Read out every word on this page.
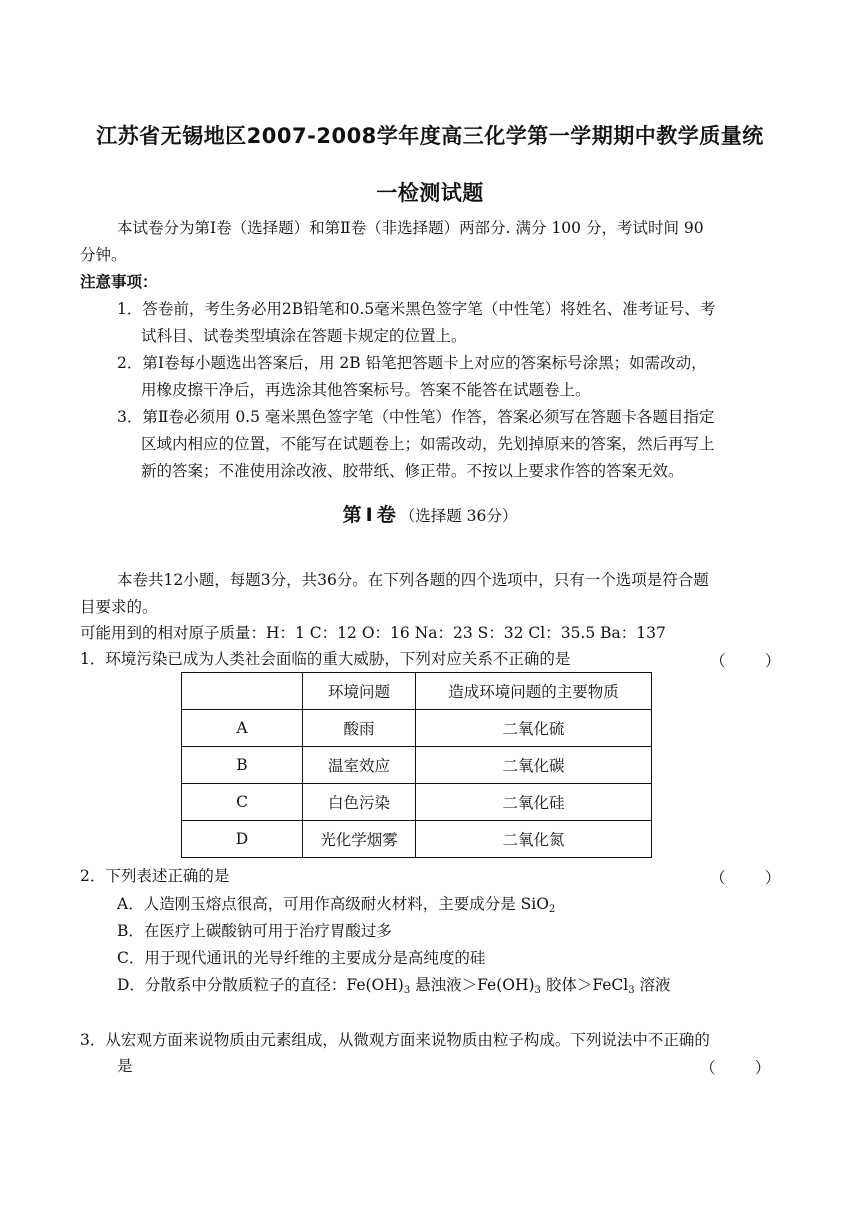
江苏省无锡地区2007-2008学年度高三化学第一学期期中教学质量统
一检测试题
本试卷分为第Ⅰ卷（选择题）和第Ⅱ卷（非选择题）两部分. 满分 100 分，考试时间 90
分钟。
注意事项：
1．答卷前，考生务必用2B铅笔和0.5毫米黑色签字笔（中性笔）将姓名、准考证号、考
试科目、试卷类型填涂在答题卡规定的位置上。
2．第Ⅰ卷每小题选出答案后，用 2B 铅笔把答题卡上对应的答案标号涂黑；如需改动，
用橡皮擦干净后，再选涂其他答案标号。答案不能答在试题卷上。
3．第Ⅱ卷必须用 0.5 毫米黑色签字笔（中性笔）作答，答案必须写在答题卡各题目指定
区域内相应的位置，不能写在试题卷上；如需改动，先划掉原来的答案，然后再写上
新的答案；不准使用涂改液、胶带纸、修正带。不按以上要求作答的答案无效。
第Ⅰ卷（选择题 36分）
本卷共12小题，每题3分，共36分。在下列各题的四个选项中，只有一个选项是符合题
目要求的。
可能用到的相对原子质量：H：1 C：12 O：16 Na：23 S：32 Cl：35.5 Ba：137
1．环境污染已成为人类社会面临的重大威胁，下列对应关系不正确的是	（        ）
	环境问题	造成环境问题的主要物质
A	酸雨	二氧化硫
B	温室效应	二氧化碳
C	白色污染	二氧化硅
D	光化学烟雾	二氧化氮
2．下列表述正确的是	（        ）
A．人造刚玉熔点很高，可用作高级耐火材料，主要成分是 SiO$_2$
B．在医疗上碳酸钠可用于治疗胃酸过多
C．用于现代通讯的光导纤维的主要成分是高纯度的硅
D．分散系中分散质粒子的直径：$Fe(OH)_3$ 悬浊液$>Fe(OH)_3$ 胶体＞FeCl$_3$ 溶液
3．从宏观方面来说物质由元素组成，从微观方面来说物质由粒子构成。下列说法中不正确的
是	（        ）
